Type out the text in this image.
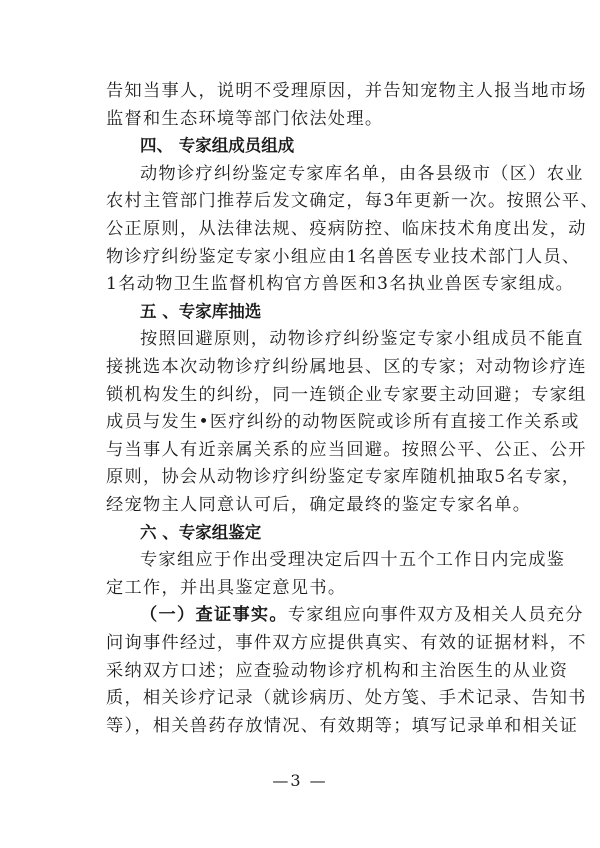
告知当事人，说明不受理原因，并告知宠物主人报当地市场
监督和生态环境等部门依法处理。
四、 专家组成员组成
动物诊疗纠纷鉴定专家库名单，由各县级市（区）农业
农村主管部门推荐后发文确定，每3年更新一次。按照公平、
公正原则，从法律法规、疫病防控、临床技术角度出发，动
物诊疗纠纷鉴定专家小组应由1名兽医专业技术部门人员、
1名动物卫生监督机构官方兽医和3名执业兽医专家组成。
五 、专家库抽选
按照回避原则，动物诊疗纠纷鉴定专家小组成员不能直
接挑选本次动物诊疗纠纷属地县、区的专家；对动物诊疗连
锁机构发生的纠纷，同一连锁企业专家要主动回避；专家组
成员与发生•医疗纠纷的动物医院或诊所有直接工作关系或
与当事人有近亲属关系的应当回避。按照公平、公正、公开
原则，协会从动物诊疗纠纷鉴定专家库随机抽取5名专家，
经宠物主人同意认可后，确定最终的鉴定专家名单。
六 、专家组鉴定
专家组应于作出受理决定后四十五个工作日内完成鉴
定工作，并出具鉴定意见书。
（一）查证事实。专家组应向事件双方及相关人员充分
问询事件经过，事件双方应提供真实、有效的证据材料，不
采纳双方口述；应查验动物诊疗机构和主治医生的从业资
质，相关诊疗记录（就诊病历、处方笺、手术记录、告知书
等），相关兽药存放情况、有效期等；填写记录单和相关证
—3 —
